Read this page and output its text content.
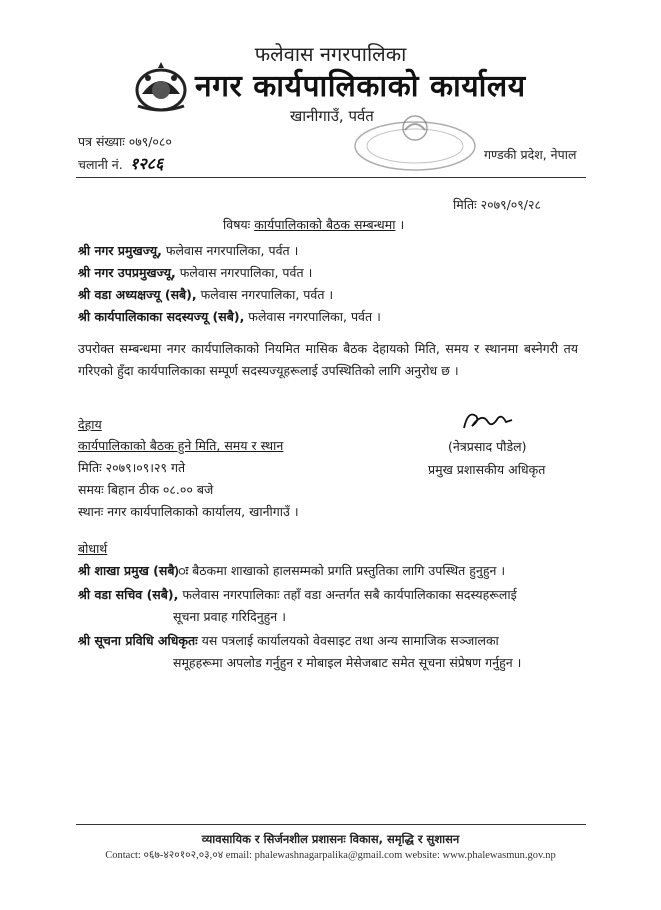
फलेवास नगरपालिका
नगर कार्यपालिकाको कार्यालय
खानीगाउँ, पर्वत
पत्र संख्याः ०७९/०८०
चलानी नं. १२८६	गण्डकी प्रदेश, नेपाल
मितिः २०७९/०९/२८
विषयः कार्यपालिकाको बैठक सम्बन्धमा ।
श्री नगर प्रमुखज्यू, फलेवास नगरपालिका, पर्वत ।
श्री नगर उपप्रमुखज्यू, फलेवास नगरपालिका, पर्वत ।
श्री वडा अध्यक्षज्यू (सबै), फलेवास नगरपालिका, पर्वत ।
श्री कार्यपालिकाका सदस्यज्यू (सबै), फलेवास नगरपालिका, पर्वत ।
उपरोक्त सम्बन्धमा नगर कार्यपालिकाको नियमित मासिक बैठक देहायको मिति, समय र स्थानमा बस्नेगरी तय गरिएको हुँदा कार्यपालिकाका सम्पूर्ण सदस्यज्यूहरूलाई उपस्थितिको लागि अनुरोध छ ।
देहाय
कार्यपालिकाको बैठक हुने मिति, समय र स्थान
मितिः २०७९।०९।२९ गते
समयः बिहान ठीक ०८.०० बजे
स्थानः नगर कार्यपालिकाको कार्यालय, खानीगाउँ ।
(नेत्रप्रसाद पौडेल)
प्रमुख प्रशासकीय अधिकृत
बोधार्थ
श्री शाखा प्रमुख (सबै)ः बैठकमा शाखाको हालसम्मको प्रगति प्रस्तुतिका लागि उपस्थित हुनुहुन ।
श्री वडा सचिव (सबै), फलेवास नगरपालिकाः तहाँ वडा अन्तर्गत सबै कार्यपालिकाका सदस्यहरूलाई
सूचना प्रवाह गरिदिनुहुन ।
श्री सूचना प्रविधि अधिकृतः यस पत्रलाई कार्यालयको वेवसाइट तथा अन्य सामाजिक सञ्जालका
समूहहरूमा अपलोड गर्नुहुन र मोबाइल मेसेजबाट समेत सूचना संप्रेषण गर्नुहुन ।
व्यावसायिक र सिर्जनशील प्रशासनः विकास, समृद्धि र सुशासन
Contact: ०६७-४२०१०२,०३,०४ email: phalewashnagarpalika@gmail.com website: www.phalewasmun.gov.np
